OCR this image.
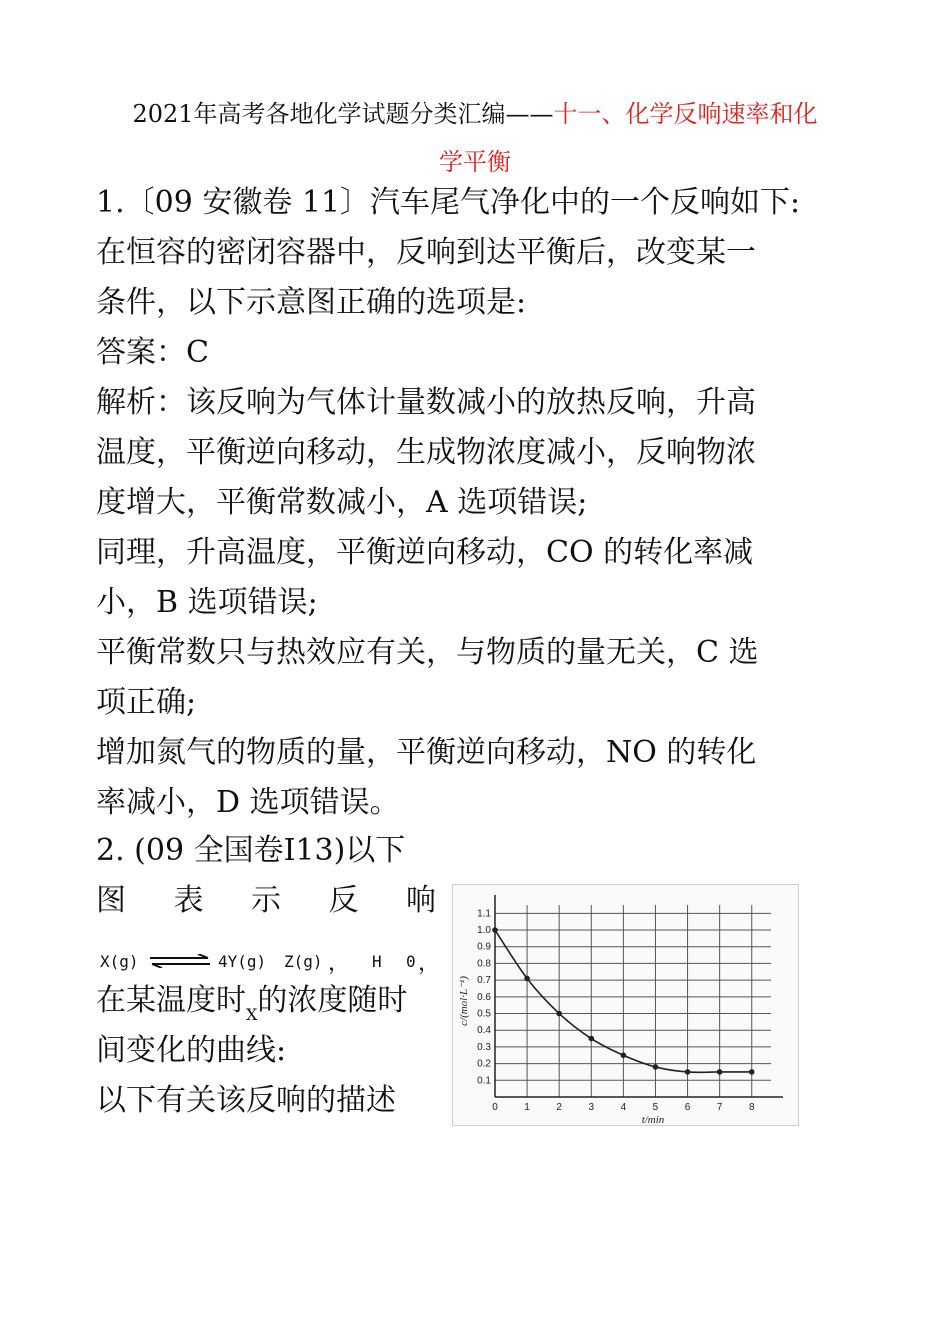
2021年高考各地化学试题分类汇编——十一、化学反响速率和化
学平衡
1.〔09 安徽卷 11〕汽车尾气净化中的一个反响如下:
在恒容的密闭容器中，反响到达平衡后，改变某一
条件，以下示意图正确的选项是:
答案：C
解析：该反响为气体计量数减小的放热反响，升高
温度，平衡逆向移动，生成物浓度减小，反响物浓
度增大，平衡常数减小，A 选项错误;
同理，升高温度，平衡逆向移动，CO 的转化率减
小，B 选项错误;
平衡常数只与热效应有关，与物质的量无关，C 选
项正确;
增加氮气的物质的量，平衡逆向移动，NO 的转化
率减小，D 选项错误。
2. (09 全国卷Ⅰ13)以下
图 表 示 反 响
X(g) ⇌ 4Y(g) Z(g) ， H 0 ，
在某温度时$_X$的浓度随时
间变化的曲线:
以下有关该反响的描述
0.1
0.2
0.3
0.4
0.5
0.6
0.7
0.8
0.9
1.0
1.1
0	1	2	3	4	5	6	7	8
t/min
c/(mol·L⁻¹)
